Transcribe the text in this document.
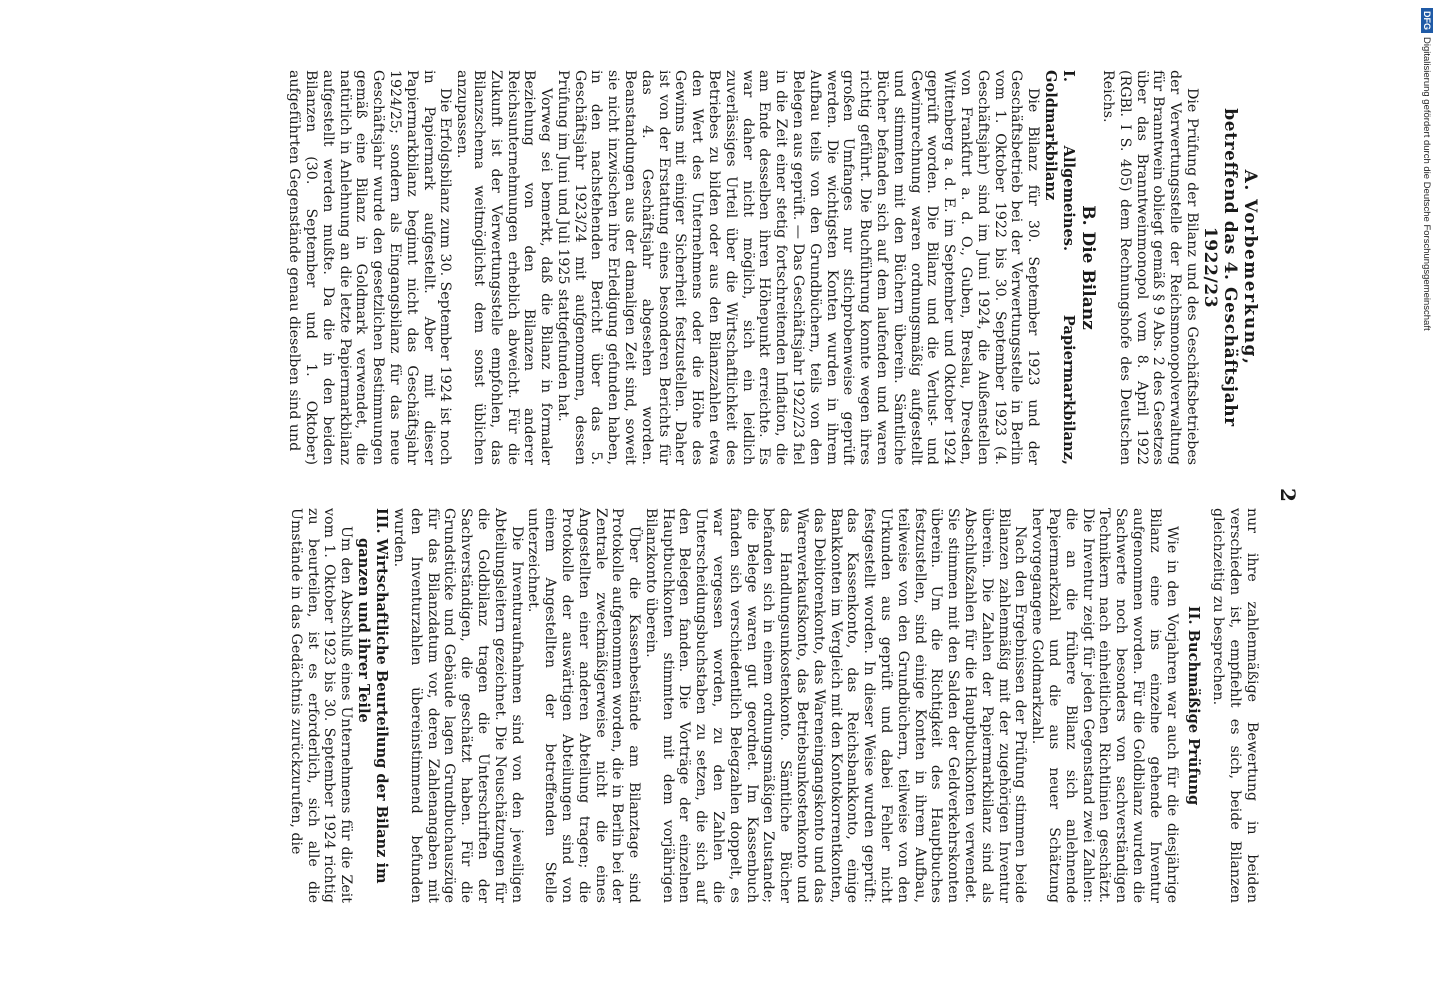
2
A. Vorbemerkung,
betreffend das 4. Geschäftsjahr 1922/23

Die Prüfung der Bilanz und des Geschäftsbetriebes der Verwertungsstelle der Reichsmonopolverwaltung für Branntwein obliegt gemäß § 9 Abs. 2 des Gesetzes über das Branntweinmonopol vom 8. April 1922 (RGBl. I S. 405) dem Rechnungshofe des Deutschen Reichs.

B. Die Bilanz
I. Allgemeines. Papiermarkbilanz, Goldmarkbilanz

Die Bilanz für 30. September 1923 und der Geschäftsbetrieb bei der Verwertungsstelle in Berlin vom 1. Oktober 1922 bis 30. September 1923 (4. Geschäftsjahr) sind im Juni 1924, die Außenstellen von Frankfurt a. d. O., Guben, Breslau, Dresden, Wittenberg a. d. E. im September und Oktober 1924 geprüft worden. Die Bilanz und die Verlust- und Gewinnrechnung waren ordnungsmäßig aufgestellt und stimmten mit den Büchern überein. Sämtliche Bücher befanden sich auf dem laufenden und waren richtig geführt. Die Buchführung konnte wegen ihres großen Umfanges nur stichprobenweise geprüft werden. Die wichtigsten Konten wurden in ihrem Aufbau teils von den Grundbüchern, teils von den Belegen aus geprüft. — Das Geschäftsjahr 1922/23 fiel in die Zeit einer stetig fortschreitenden Inflation, die am Ende desselben ihren Höhepunkt erreichte. Es war daher nicht möglich, sich ein leidlich zuverlässiges Urteil über die Wirtschaftlichkeit des Betriebes zu bilden oder aus den Bilanzzahlen etwa den Wert des Unternehmens oder die Höhe des Gewinns mit einiger Sicherheit festzustellen. Daher ist von der Erstattung eines besonderen Berichts für das 4. Geschäftsjahr abgesehen worden. Beanstandungen aus der damaligen Zeit sind, soweit sie nicht inzwischen ihre Erledigung gefunden haben, in den nachstehenden Bericht über das 5. Geschäftsjahr 1923/24 mit aufgenommen, dessen Prüfung im Juni und Juli 1925 stattgefunden hat.

Vorweg sei bemerkt, daß die Bilanz in formaler Beziehung von den Bilanzen anderer Reichsunternehmungen erheblich abweicht. Für die Zukunft ist der Verwertungsstelle empfohlen, das Bilanzschema weitmöglichst dem sonst üblichen anzupassen.

Die Erfolgsbilanz zum 30. September 1924 ist noch in Papiermark aufgestellt. Aber mit dieser Papiermarkbilanz beginnt nicht das Geschäftsjahr 1924/25; sondern als Eingangsbilanz für das neue Geschäftsjahr wurde den gesetzlichen Bestimmungen gemäß eine Bilanz in Goldmark verwendet, die natürlich in Anlehnung an die letzte Papiermarkbilanz aufgestellt werden mußte. Da die in den beiden Bilanzen (30. September und 1. Oktober) aufgeführten Gegenstände genau dieselben sind und

nur ihre zahlenmäßige Bewertung in beiden verschieden ist, empfiehlt es sich, beide Bilanzen gleichzeitig zu besprechen.

II. Buchmäßige Prüfung

Wie in den Vorjahren war auch für die diesjährige Bilanz eine ins einzelne gehende Inventur aufgenommen worden. Für die Goldbilanz wurden die Sachwerte noch besonders von sachverständigen Technikern nach einheitlichen Richtlinien geschätzt. Die Inventur zeigt für jeden Gegenstand zwei Zahlen: die an die frühere Bilanz sich anlehnende Papiermarkzahl und die aus neuer Schätzung hervorgegangene Goldmarkzahl.

Nach den Ergebnissen der Prüfung stimmen beide Bilanzen zahlenmäßig mit der zugehörigen Inventur überein. Die Zahlen der Papiermarkbilanz sind als Abschlußzahlen für die Hauptbuchkonten verwendet. Sie stimmen mit den Salden der Geldverkehrskonten überein. Um die Richtigkeit des Hauptbuches festzustellen, sind einige Konten in ihrem Aufbau, teilweise von den Grundbüchern, teilweise von den Urkunden aus geprüft und dabei Fehler nicht festgestellt worden. In dieser Weise wurden geprüft: das Kassenkonto, das Reichsbankkonto, einige Bankkonten im Vergleich mit den Kontokorrentkonten, das Debitorenkonto, das Wareneingangskonto und das Warenverkaufskonto, das Betriebsunkostenkonto und das Handlungsunkostenkonto. Sämtliche Bücher befanden sich in einem ordnungsmäßigen Zustande; die Belege waren gut geordnet. Im Kassenbuch fanden sich verschiedentlich Belegzahlen doppelt, es war vergessen worden, zu den Zahlen die Unterscheidungsbuchstaben zu setzen, die sich auf den Belegen fanden. Die Vorträge der einzelnen Hauptbuchkonten stimmten mit dem vorjährigen Bilanzkonto überein.

Über die Kassenbestände am Bilanztage sind Protokolle aufgenommen worden, die in Berlin bei der Zentrale zweckmäßigerweise nicht die eines Angestellten einer anderen Abteilung tragen; die Protokolle der auswärtigen Abteilungen sind von einem Angestellten der betreffenden Stelle unterzeichnet.

Die Inventuraufnahmen sind von den jeweiligen Abteilungsleitern gezeichnet. Die Neuschätzungen für die Goldbilanz tragen die Unterschriften der Sachverständigen, die geschätzt haben. Für die Grundstücke und Gebäude lagen Grundbuchauszüge für das Bilanzdatum vor, deren Zahlenangaben mit den Inventurzahlen übereinstimmend befunden wurden.

III. Wirtschaftliche Beurteilung der Bilanz im
ganzen und ihrer Teile

Um den Abschluß eines Unternehmens für die Zeit vom 1. Oktober 1923 bis 30. September 1924 richtig zu beurteilen, ist es erforderlich, sich alle die Umstände in das Gedächtnis zurückzurufen, die

DFG
Digitalisierung gefördert durch die Deutsche Forschungsgemeinschaft
